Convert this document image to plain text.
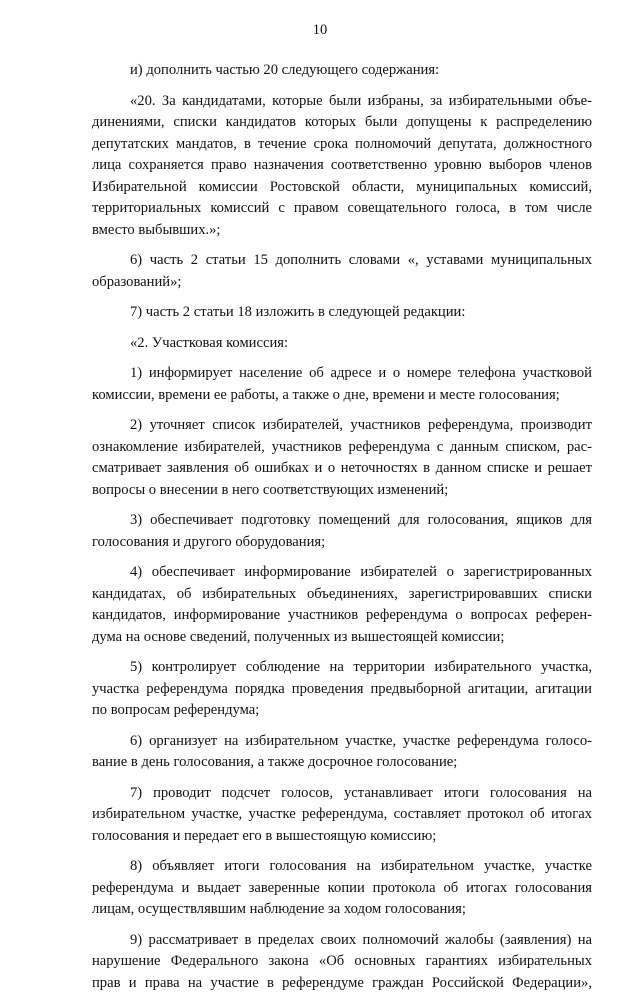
10

и) дополнить частью 20 следующего содержания:

«20. За кандидатами, которые были избраны, за избирательными объе-
динениями, списки кандидатов которых были допущены к распределению
депутатских мандатов, в течение срока полномочий депутата, должностного
лица сохраняется право назначения соответственно уровню выборов членов
Избирательной комиссии Ростовской области, муниципальных комиссий,
территориальных комиссий с правом совещательного голоса, в том числе
вместо выбывших.»;

6) часть 2 статьи 15 дополнить словами «, уставами муниципальных
образований»;

7) часть 2 статьи 18 изложить в следующей редакции:

«2. Участковая комиссия:

1) информирует население об адресе и о номере телефона участковой
комиссии, времени ее работы, а также о дне, времени и месте голосования;

2) уточняет список избирателей, участников референдума, производит
ознакомление избирателей, участников референдума с данным списком, рас-
сматривает заявления об ошибках и о неточностях в данном списке и решает
вопросы о внесении в него соответствующих изменений;

3) обеспечивает подготовку помещений для голосования, ящиков для
голосования и другого оборудования;

4) обеспечивает информирование избирателей о зарегистрированных
кандидатах, об избирательных объединениях, зарегистрировавших списки
кандидатов, информирование участников референдума о вопросах референ-
дума на основе сведений, полученных из вышестоящей комиссии;

5) контролирует соблюдение на территории избирательного участка,
участка референдума порядка проведения предвыборной агитации, агитации
по вопросам референдума;

6) организует на избирательном участке, участке референдума голосо-
вание в день голосования, а также досрочное голосование;

7) проводит подсчет голосов, устанавливает итоги голосования на
избирательном участке, участке референдума, составляет протокол об итогах
голосования и передает его в вышестоящую комиссию;

8) объявляет итоги голосования на избирательном участке, участке
референдума и выдает заверенные копии протокола об итогах голосования
лицам, осуществлявшим наблюдение за ходом голосования;

9) рассматривает в пределах своих полномочий жалобы (заявления) на
нарушение Федерального закона «Об основных гарантиях избирательных
прав и права на участие в референдуме граждан Российской Федерации»,
